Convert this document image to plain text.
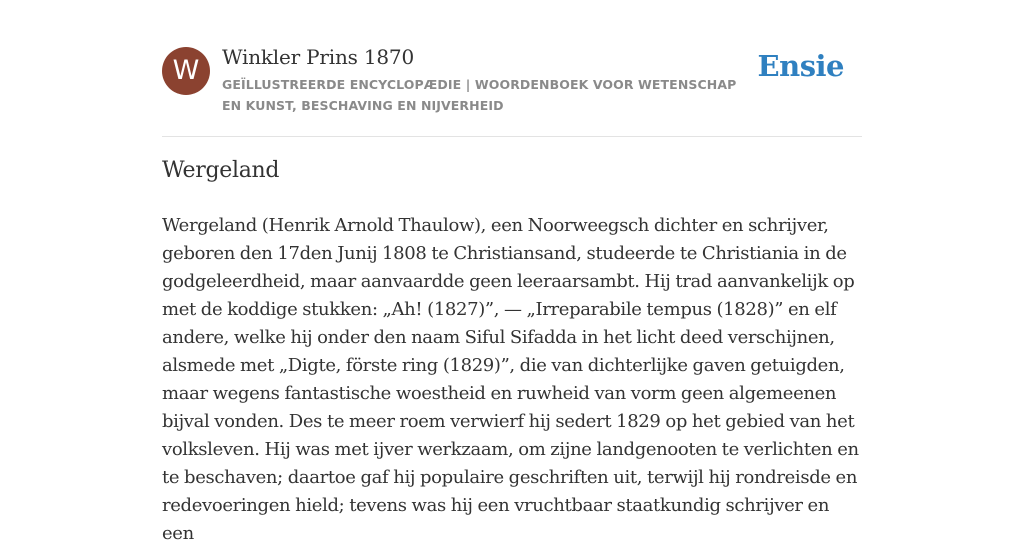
W	Winkler Prins 1870
GEÏLLUSTREERDE ENCYCLOPÆDIE | WOORDENBOEK VOOR WETENSCHAP EN KUNST, BESCHAVING EN NIJVERHEID
Ensie
Wergeland

Wergeland (Henrik Arnold Thaulow), een Noorweegsch dichter en schrijver, geboren den 17den Junij 1808 te Christiansand, studeerde te Christiania in de godgeleerdheid, maar aanvaardde geen leeraarsambt. Hij trad aanvankelijk op met de koddige stukken: „Ah! (1827)”, — „Irreparabile tempus (1828)” en elf andere, welke hij onder den naam Siful Sifadda in het licht deed verschijnen, alsmede met „Digte, förste ring (1829)”, die van dichterlijke gaven getuigden, maar wegens fantastische woestheid en ruwheid van vorm geen algemeenen bijval vonden. Des te meer roem verwierf hij sedert 1829 op het gebied van het volksleven. Hij was met ijver werkzaam, om zijne landgenooten te verlichten en te beschaven; daartoe gaf hij populaire geschriften uit, terwijl hij rondreisde en redevoeringen hield; tevens was hij een vruchtbaar staatkundig schrijver en een
